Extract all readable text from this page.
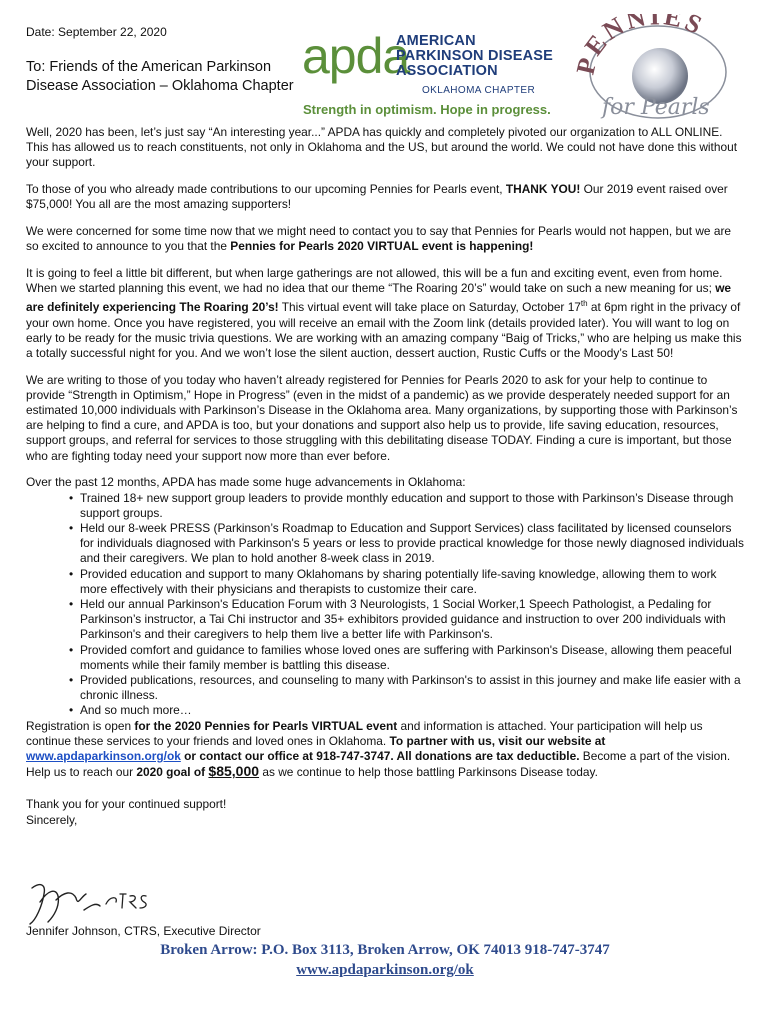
Date: September 22, 2020
To: Friends of the American Parkinson
Disease Association – Oklahoma Chapter
apda
AMERICAN
PARKINSON DISEASE
ASSOCIATION
OKLAHOMA CHAPTER
Strength in optimism. Hope in progress.
PENNIES
for Pearls

Well, 2020 has been, let’s just say “An interesting year...” APDA has quickly and completely pivoted our organization to ALL ONLINE. This has allowed us to reach constituents, not only in Oklahoma and the US, but around the world. We could not have done this without your support.

To those of you who already made contributions to our upcoming Pennies for Pearls event, THANK YOU! Our 2019 event raised over $75,000! You all are the most amazing supporters!

We were concerned for some time now that we might need to contact you to say that Pennies for Pearls would not happen, but we are so excited to announce to you that the Pennies for Pearls 2020 VIRTUAL event is happening!

It is going to feel a little bit different, but when large gatherings are not allowed, this will be a fun and exciting event, even from home. When we started planning this event, we had no idea that our theme “The Roaring 20’s” would take on such a new meaning for us; we are definitely experiencing The Roaring 20’s! This virtual event will take place on Saturday, October 17th at 6pm right in the privacy of your own home. Once you have registered, you will receive an email with the Zoom link (details provided later). You will want to log on early to be ready for the music trivia questions. We are working with an amazing company “Baig of Tricks,” who are helping us make this a totally successful night for you. And we won’t lose the silent auction, dessert auction, Rustic Cuffs or the Moody’s Last 50!

We are writing to those of you today who haven’t already registered for Pennies for Pearls 2020 to ask for your help to continue to provide “Strength in Optimism,” Hope in Progress” (even in the midst of a pandemic) as we provide desperately needed support for an estimated 10,000 individuals with Parkinson’s Disease in the Oklahoma area. Many organizations, by supporting those with Parkinson’s are helping to find a cure, and APDA is too, but your donations and support also help us to provide, life saving education, resources, support groups, and referral for services to those struggling with this debilitating disease TODAY. Finding a cure is important, but those who are fighting today need your support now more than ever before.

Over the past 12 months, APDA has made some huge advancements in Oklahoma:
• Trained 18+ new support group leaders to provide monthly education and support to those with Parkinson’s Disease through support groups.
• Held our 8-week PRESS (Parkinson’s Roadmap to Education and Support Services) class facilitated by licensed counselors for individuals diagnosed with Parkinson's 5 years or less to provide practical knowledge for those newly diagnosed individuals and their caregivers. We plan to hold another 8-week class in 2019.
• Provided education and support to many Oklahomans by sharing potentially life-saving knowledge, allowing them to work more effectively with their physicians and therapists to customize their care.
• Held our annual Parkinson's Education Forum with 3 Neurologists, 1 Social Worker,1 Speech Pathologist, a Pedaling for Parkinson’s instructor, a Tai Chi instructor and 35+ exhibitors provided guidance and instruction to over 200 individuals with Parkinson's and their caregivers to help them live a better life with Parkinson's.
• Provided comfort and guidance to families whose loved ones are suffering with Parkinson's Disease, allowing them peaceful moments while their family member is battling this disease.
• Provided publications, resources, and counseling to many with Parkinson's to assist in this journey and make life easier with a chronic illness.
• And so much more…

Registration is open for the 2020 Pennies for Pearls VIRTUAL event and information is attached. Your participation will help us continue these services to your friends and loved ones in Oklahoma. To partner with us, visit our website at
www.apdaparkinson.org/ok or contact our office at 918-747-3747. All donations are tax deductible. Become a part of the vision. Help us to reach our 2020 goal of $85,000 as we continue to help those battling Parkinsons Disease today.

Thank you for your continued support!
Sincerely,
Jennifer Johnson, CTRS, Executive Director
Broken Arrow: P.O. Box 3113, Broken Arrow, OK 74013 918-747-3747
www.apdaparkinson.org/ok
